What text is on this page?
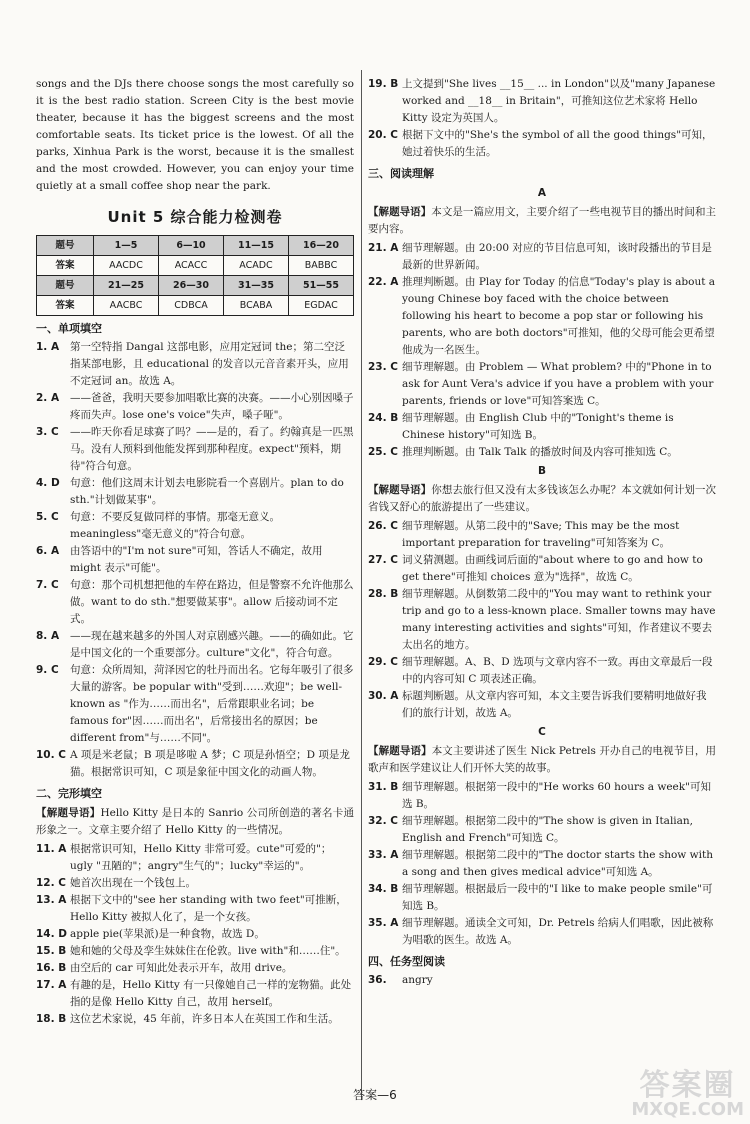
songs and the DJs there choose songs the most carefully so it is the best radio station. Screen City is the best movie theater, because it has the biggest screens and the most comfortable seats. Its ticket price is the lowest. Of all the parks, Xinhua Park is the worst, because it is the smallest and the most crowded. However, you can enjoy your time quietly at a small coffee shop near the park.

Unit 5 综合能力检测卷
题号	1—5	6—10	11—15	16—20
答案	AACDC	ACACC	ACADC	BABBC
题号	21—25	26—30	31—35	51—55
答案	AACBC	CDBCA	BCABA	EGDAC
一、单项填空
1. A 第一空特指 Dangal 这部电影，应用定冠词 the；第二空泛指某部电影，且 educational 的发音以元音音素开头，应用不定冠词 an。故选 A。
2. A ——爸爸，我明天要参加唱歌比赛的决赛。——小心别因嗓子疼而失声。lose one's voice"失声，嗓子哑"。
3. C ——昨天你看足球赛了吗？——是的，看了。约翰真是一匹黑马。没有人预料到他能发挥到那种程度。expect"预料，期待"符合句意。
4. D 句意：他们这周末计划去电影院看一个喜剧片。plan to do sth."计划做某事"。
5. C 句意：不要反复做同样的事情。那毫无意义。meaningless"毫无意义的"符合句意。
6. A 由答语中的"I'm not sure"可知，答话人不确定，故用 might 表示"可能"。
7. C 句意：那个司机想把他的车停在路边，但是警察不允许他那么做。want to do sth."想要做某事"。allow 后接动词不定式。
8. A ——现在越来越多的外国人对京剧感兴趣。——的确如此。它是中国文化的一个重要部分。culture"文化"，符合句意。
9. C 句意：众所周知，菏泽因它的牡丹而出名。它每年吸引了很多大量的游客。be popular with"受到……欢迎"；be well-known as "作为……而出名"，后常跟职业名词；be famous for"因……而出名"，后常接出名的原因；be different from"与……不同"。
10. C A 项是米老鼠；B 项是哆啦 A 梦；C 项是孙悟空；D 项是龙猫。根据常识可知，C 项是象征中国文化的动画人物。
二、完形填空

【解题导语】Hello Kitty 是日本的 Sanrio 公司所创造的著名卡通形象之一。文章主要介绍了 Hello Kitty 的一些情况。

11. A 根据常识可知，Hello Kitty 非常可爱。cute"可爱的"；ugly "丑陋的"；angry"生气的"；lucky"幸运的"。
12. C 她首次出现在一个钱包上。
13. A 根据下文中的"see her standing with two feet"可推断，Hello Kitty 被拟人化了，是一个女孩。
14. D apple pie(苹果派)是一种食物，故选 D。
15. B 她和她的父母及孪生妹妹住在伦敦。live with"和……住"。
16. B 由空后的 car 可知此处表示开车，故用 drive。
17. A 有趣的是，Hello Kitty 有一只像她自己一样的宠物猫。此处指的是像 Hello Kitty 自己，故用 herself。
18. B 这位艺术家说，45 年前，许多日本人在英国工作和生活。
19. B 上文提到"She lives __15__ ... in London"以及"many Japanese worked and __18__ in Britain"，可推知这位艺术家将 Hello Kitty 设定为英国人。
20. C 根据下文中的"She's the symbol of all the good things"可知，她过着快乐的生活。
三、阅读理解
A

【解题导语】本文是一篇应用文，主要介绍了一些电视节目的播出时间和主要内容。

21. A 细节理解题。由 20:00 对应的节目信息可知，该时段播出的节目是最新的世界新闻。
22. A 推理判断题。由 Play for Today 的信息"Today's play is about a young Chinese boy faced with the choice between following his heart to become a pop star or following his parents, who are both doctors"可推知，他的父母可能会更希望他成为一名医生。
23. C 细节理解题。由 Problem — What problem? 中的"Phone in to ask for Aunt Vera's advice if you have a problem with your parents, friends or love"可知答案选 C。
24. B 细节理解题。由 English Club 中的"Tonight's theme is Chinese history"可知选 B。
25. C 推理判断题。由 Talk Talk 的播放时间及内容可推知选 C。
B

【解题导语】你想去旅行但又没有太多钱该怎么办呢？本文就如何计划一次省钱又舒心的旅游提出了一些建议。

26. C 细节理解题。从第二段中的"Save; This may be the most important preparation for traveling"可知答案为 C。
27. C 词义猜测题。由画线词后面的"about where to go and how to get there"可推知 choices 意为"选择"，故选 C。
28. B 细节理解题。从倒数第二段中的"You may want to rethink your trip and go to a less-known place. Smaller towns may have many interesting activities and sights"可知，作者建议不要去太出名的地方。
29. C 细节理解题。A、B、D 选项与文章内容不一致。再由文章最后一段中的内容可知 C 项表述正确。
30. A 标题判断题。从文章内容可知，本文主要告诉我们要精明地做好我们的旅行计划，故选 A。
C

【解题导语】本文主要讲述了医生 Nick Petrels 开办自己的电视节目，用歌声和医学建议让人们开怀大笑的故事。

31. B 细节理解题。根据第一段中的"He works 60 hours a week"可知选 B。
32. C 细节理解题。根据第二段中的"The show is given in Italian, English and French"可知选 C。
33. A 细节理解题。根据第二段中的"The doctor starts the show with a song and then gives medical advice"可知选 A。
34. B 细节理解题。根据最后一段中的"I like to make people smile"可知选 B。
35. A 细节理解题。通读全文可知，Dr. Petrels 给病人们唱歌，因此被称为唱歌的医生。故选 A。
四、任务型阅读
36. angry
答案—6	答案圈
MXQE.COM
